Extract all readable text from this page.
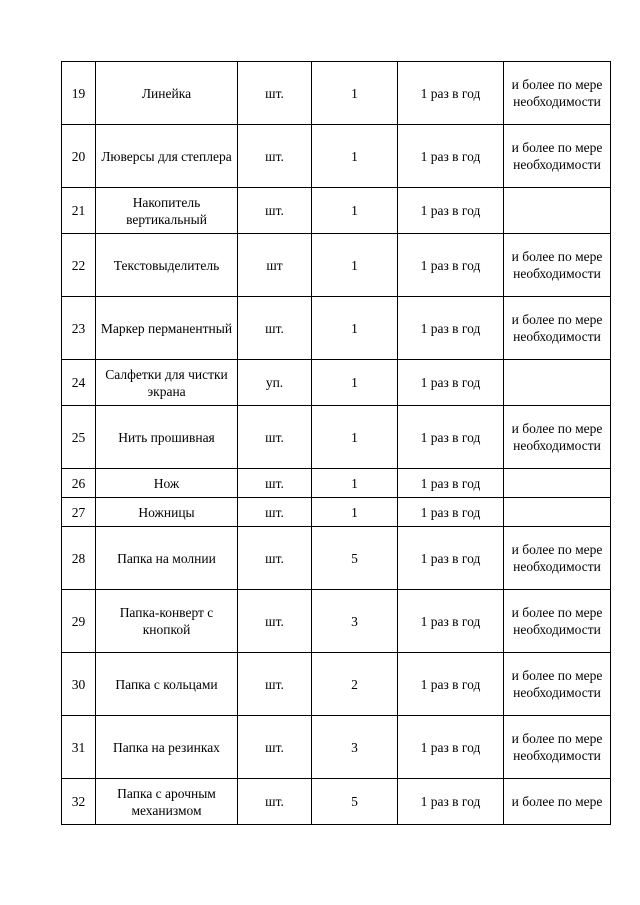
19	Линейка	шт.	1	1 раз в год	и более по мере необходимости
20	Люверсы для степлера	шт.	1	1 раз в год	и более по мере необходимости
21	Накопитель вертикальный	шт.	1	1 раз в год	
22	Текстовыделитель	шт	1	1 раз в год	и более по мере необходимости
23	Маркер перманентный	шт.	1	1 раз в год	и более по мере необходимости
24	Салфетки для чистки экрана	уп.	1	1 раз в год	
25	Нить прошивная	шт.	1	1 раз в год	и более по мере необходимости
26	Нож	шт.	1	1 раз в год	
27	Ножницы	шт.	1	1 раз в год	
28	Папка на молнии	шт.	5	1 раз в год	и более по мере необходимости
29	Папка-конверт с кнопкой	шт.	3	1 раз в год	и более по мере необходимости
30	Папка с кольцами	шт.	2	1 раз в год	и более по мере необходимости
31	Папка на резинках	шт.	3	1 раз в год	и более по мере необходимости
32	Папка с арочным механизмом	шт.	5	1 раз в год	и более по мере
